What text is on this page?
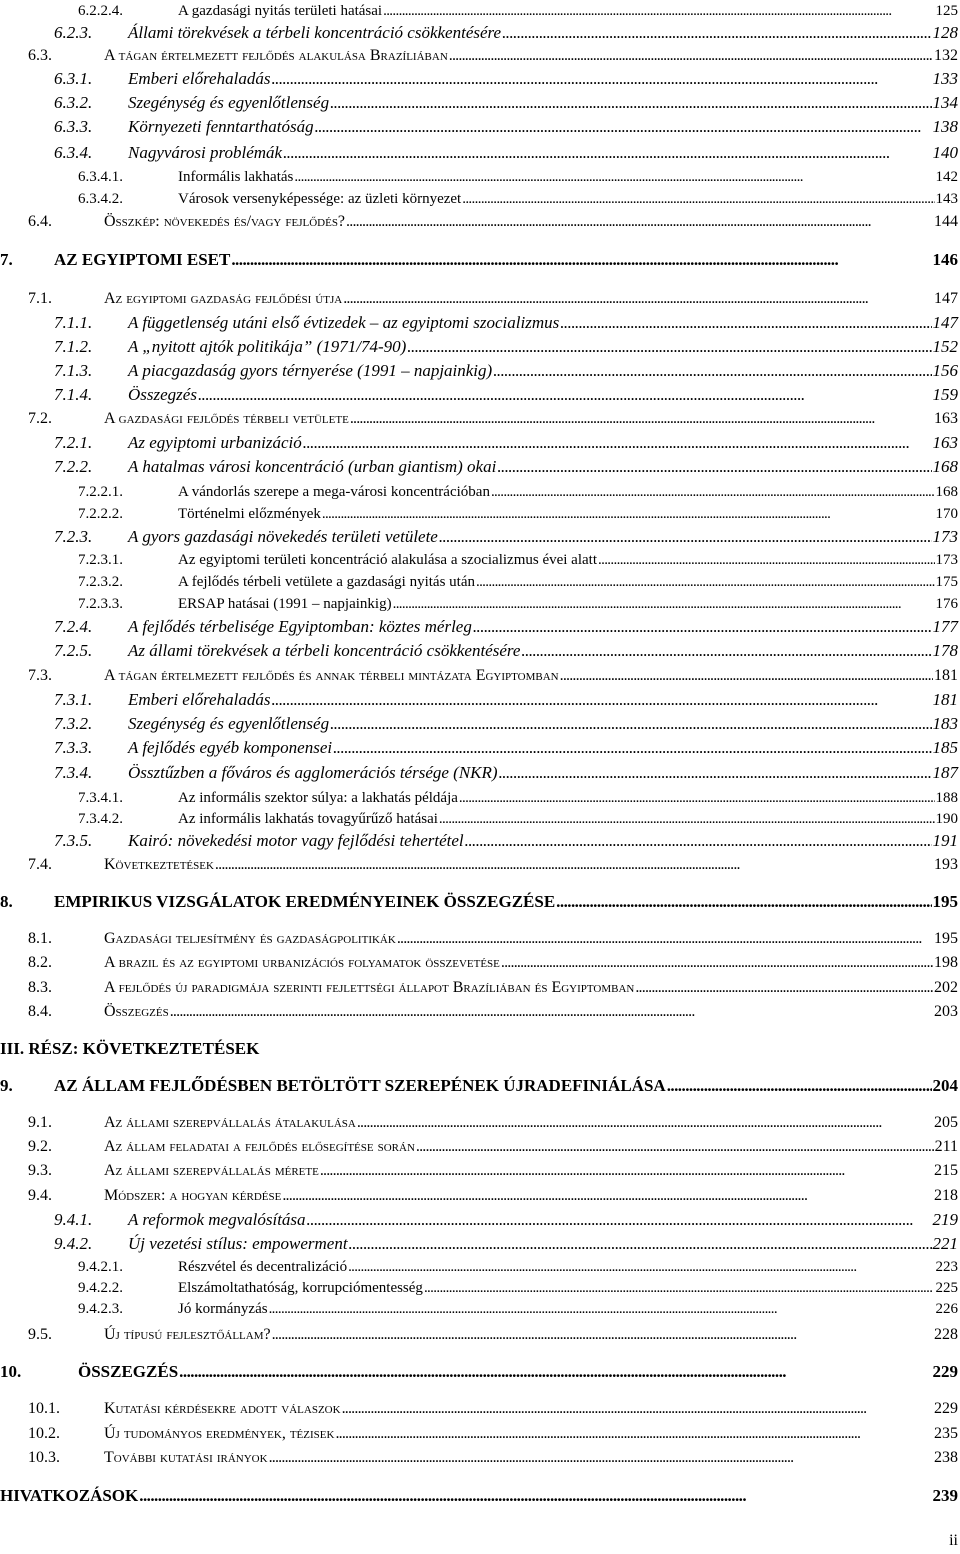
6.2.2.4.	A gazdasági nyitás területi hatásai . . .	125
6.2.3. Állami törekvések a térbeli koncentráció csökkentésére . . .	128
6.3.	A tágan értelmezett fejlődés alakulása Brazíliában . . .	132
6.3.1. Emberi előrehaladás . . .	133
6.3.2. Szegénység és egyenlőtlenség . . .	134
6.3.3. Környezeti fenntarthatóság . . .	138
6.3.4. Nagyvárosi problémák . . .	140
6.3.4.1.	Informális lakhatás . . .	142
6.3.4.2.	Városok versenyképessége: az üzleti környezet . . .	143
6.4.	Összkép: növekedés és/vagy fejlődés? . . .	144
7. AZ EGYIPTOMI ESET . . .	146
7.1.	Az egyiptomi gazdaság fejlődési útja . . .	147
7.1.1. A függetlenség utáni első évtizedek – az egyiptomi szocializmus . . .	147
7.1.2. A „nyitott ajtók politikája” (1971/74-90) . . .	152
7.1.3. A piacgazdaság gyors térnyerése (1991 – napjainkig) . . .	156
7.1.4. Összegzés . . .	159
7.2.	A gazdasági fejlődés térbeli vetülete . . .	163
7.2.1. Az egyiptomi urbanizáció . . .	163
7.2.2. A hatalmas városi koncentráció (urban giantism) okai . . .	168
7.2.2.1.	A vándorlás szerepe a mega-városi koncentrációban . . .	168
7.2.2.2.	Történelmi előzmények . . .	170
7.2.3. A gyors gazdasági növekedés területi vetülete . . .	173
7.2.3.1.	Az egyiptomi területi koncentráció alakulása a szocializmus évei alatt . . .	173
7.2.3.2.	A fejlődés térbeli vetülete a gazdasági nyitás után . . .	175
7.2.3.3.	ERSAP hatásai (1991 – napjainkig) . . .	176
7.2.4. A fejlődés térbelisége Egyiptomban: köztes mérleg . . .	177
7.2.5. Az állami törekvések a térbeli koncentráció csökkentésére . . .	178
7.3.	A tágan értelmezett fejlődés és annak térbeli mintázata Egyiptomban . . .	181
7.3.1. Emberi előrehaladás . . .	181
7.3.2. Szegénység és egyenlőtlenség . . .	183
7.3.3. A fejlődés egyéb komponensei . . .	185
7.3.4. Össztűzben a főváros és agglomerációs térsége (NKR) . . .	187
7.3.4.1.	Az informális szektor súlya: a lakhatás példája . . .	188
7.3.4.2.	Az informális lakhatás tovagyűrűző hatásai . . .	190
7.3.5. Kairó: növekedési motor vagy fejlődési tehertétel . . .	191
7.4.	Következtetések . . .	193
8. EMPIRIKUS VIZSGÁLATOK EREDMÉNYEINEK ÖSSZEGZÉSE . . .	195
8.1.	Gazdasági teljesítmény és gazdaságpolitikák . . .	195
8.2.	A brazil és az egyiptomi urbanizációs folyamatok összevetése . . .	198
8.3.	A fejlődés új paradigmája szerinti fejlettségi állapot Brazíliában és Egyiptomban . . .	202
8.4.	Összegzés . . .	203
III. RÉSZ: KÖVETKEZTETÉSEK
9. AZ ÁLLAM FEJLŐDÉSBEN BETÖLTÖTT SZEREPÉNEK ÚJRADEFINIÁLÁSA . . .	204
9.1.	Az állami szerepvállalás átalakulása . . .	205
9.2.	Az állam feladatai a fejlődés elősegítése során . . .	211
9.3.	Az állami szerepvállalás mérete . . .	215
9.4.	Módszer: a hogyan kérdése . . .	218
9.4.1. A reformok megvalósítása . . .	219
9.4.2. Új vezetési stílus: empowerment . . .	221
9.4.2.1.	Részvétel és decentralizáció . . .	223
9.4.2.2.	Elszámoltathatóság, korrupciómentesség . . .	225
9.4.2.3.	Jó kormányzás . . .	226
9.5.	Új típusú fejlesztőállam? . . .	228
10.	ÖSSZEGZÉS . . .	229
10.1.	Kutatási kérdésekre adott válaszok . . .	229
10.2.	Új tudományos eredmények, tézisek . . .	235
10.3.	További kutatási irányok . . .	238
HIVATKOZÁSOK . . .	239
ii
